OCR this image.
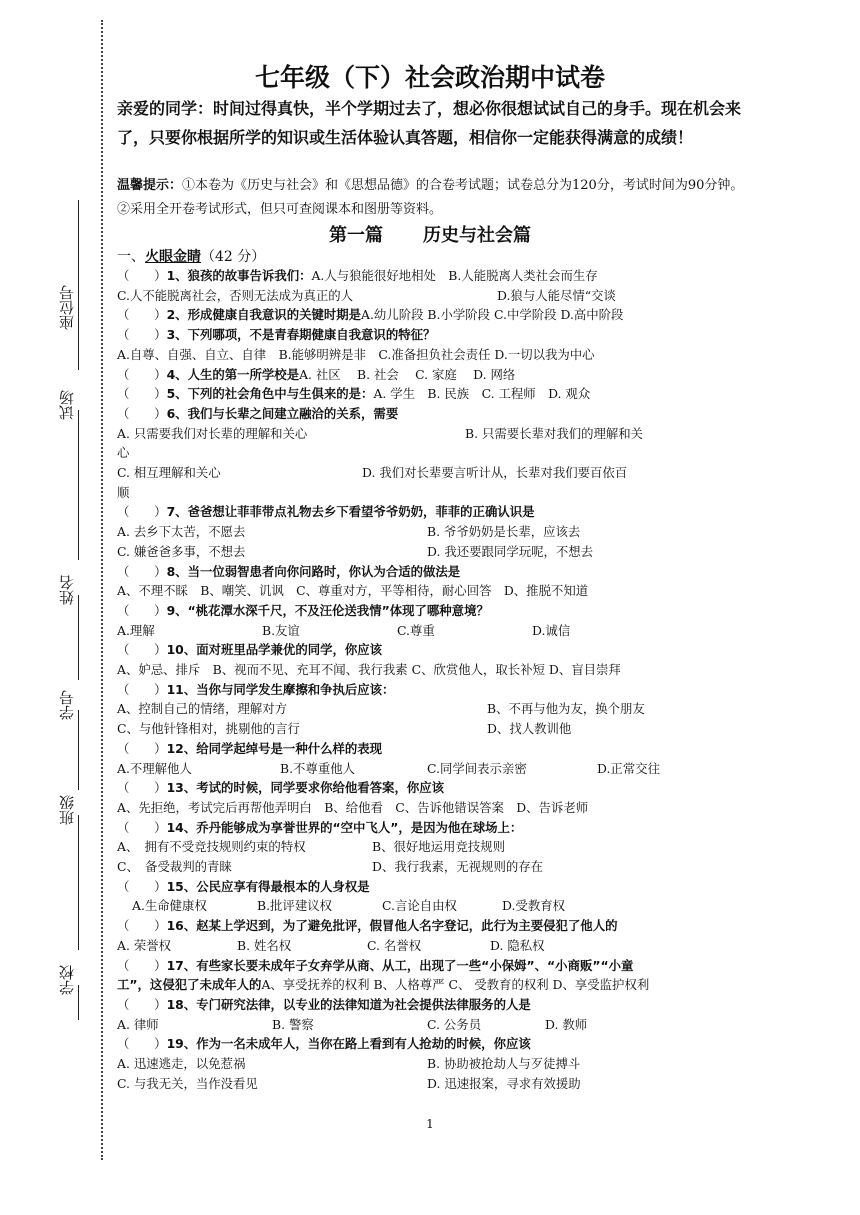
座位号
试场
姓名
学号
班级
学校
七年级（下）社会政治期中试卷
亲爱的同学：时间过得真快，半个学期过去了，想必你很想试试自己的身手。现在机会来了，只要你根据所学的知识或生活体验认真答题，相信你一定能获得满意的成绩！
温馨提示：①本卷为《历史与社会》和《思想品德》的合卷考试题；试卷总分为120分，考试时间为90分钟。②采用全开卷考试形式，但只可查阅课本和图册等资料。
第一篇 历史与社会篇
一、火眼金睛（42 分）
（　　）1、狼孩的故事告诉我们：A.人与狼能很好地相处　B.人能脱离人类社会而生存
C.人不能脱离社会，否则无法成为真正的人	D.狼与人能尽情“交谈
（　　）2、形成健康自我意识的关键时期是A.幼儿阶段 B.小学阶段 C.中学阶段 D.高中阶段
（　　）3、下列哪项，不是青春期健康自我意识的特征？
A.自尊、自强、自立、自律　B.能够明辨是非　C.准备担负社会责任 D.一切以我为中心
（　　）4、人生的第一所学校是A. 社区　 B. 社会　 C. 家庭　 D. 网络
（　　）5、下列的社会角色中与生俱来的是：A. 学生　B. 民族　C. 工程师　D. 观众
（　　）6、我们与长辈之间建立融洽的关系，需要
A. 只需要我们对长辈的理解和关心	B. 只需要长辈对我们的理解和关
心
C. 相互理解和关心	D. 我们对长辈要言听计从，长辈对我们要百依百
顺
（　　）7、爸爸想让菲菲带点礼物去乡下看望爷爷奶奶，菲菲的正确认识是
A. 去乡下太苦，不愿去	B. 爷爷奶奶是长辈，应该去
C. 嫌爸爸多事，不想去	D. 我还要跟同学玩呢，不想去
（　　）8、当一位弱智患者向你问路时，你认为合适的做法是
A、不理不睬　B、嘲笑、讥讽　C、尊重对方，平等相待，耐心回答　D、推脱不知道
（　　）9、“桃花潭水深千尺，不及汪伦送我情”体现了哪种意境？
A.理解	B.友谊	C.尊重	D.诚信
（　　）10、面对班里品学兼优的同学，你应该
A、妒忌、排斥　B、视而不见、充耳不闻、我行我素 C、欣赏他人，取长补短 D、盲目崇拜
（　　）11、当你与同学发生摩擦和争执后应该：
A、控制自己的情绪，理解对方	B、不再与他为友，换个朋友
C、与他针锋相对，挑剔他的言行	D、找人教训他
（　　）12、给同学起绰号是一种什么样的表现
A.不理解他人	B.不尊重他人	C.同学间表示亲密	D.正常交往
（　　）13、考试的时候，同学要求你给他看答案，你应该
A、先拒绝，考试完后再帮他弄明白　B、给他看　C、告诉他错误答案　D、告诉老师
（　　）14、乔丹能够成为享誉世界的“空中飞人”，是因为他在球场上：
A、　拥有不受竞技规则约束的特权	B、很好地运用竞技规则
C、　备受裁判的青睐	D、我行我素，无视规则的存在
（　　）15、公民应享有得最根本的人身权是
A.生命健康权	B.批评建议权	C.言论自由权	D.受教育权
（　　）16、赵某上学迟到，为了避免批评，假冒他人名字登记，此行为主要侵犯了他人的
A. 荣誉权	B. 姓名权	C. 名誉权	D. 隐私权
（　　）17、有些家长要未成年子女弃学从商、从工，出现了一些“小保姆”、“小商贩”“小童
工”，这侵犯了未成年人的A、享受抚养的权利 B、人格尊严 C、 受教育的权利 D、享受监护权利
（　　）18、专门研究法律，以专业的法律知道为社会提供法律服务的人是
A. 律师	B. 警察	C. 公务员	D. 教师
（　　）19、作为一名未成年人，当你在路上看到有人抢劫的时候，你应该
A. 迅速逃走，以免惹祸	B. 协助被抢劫人与歹徒搏斗
C. 与我无关，当作没看见	D. 迅速报案，寻求有效援助
1
